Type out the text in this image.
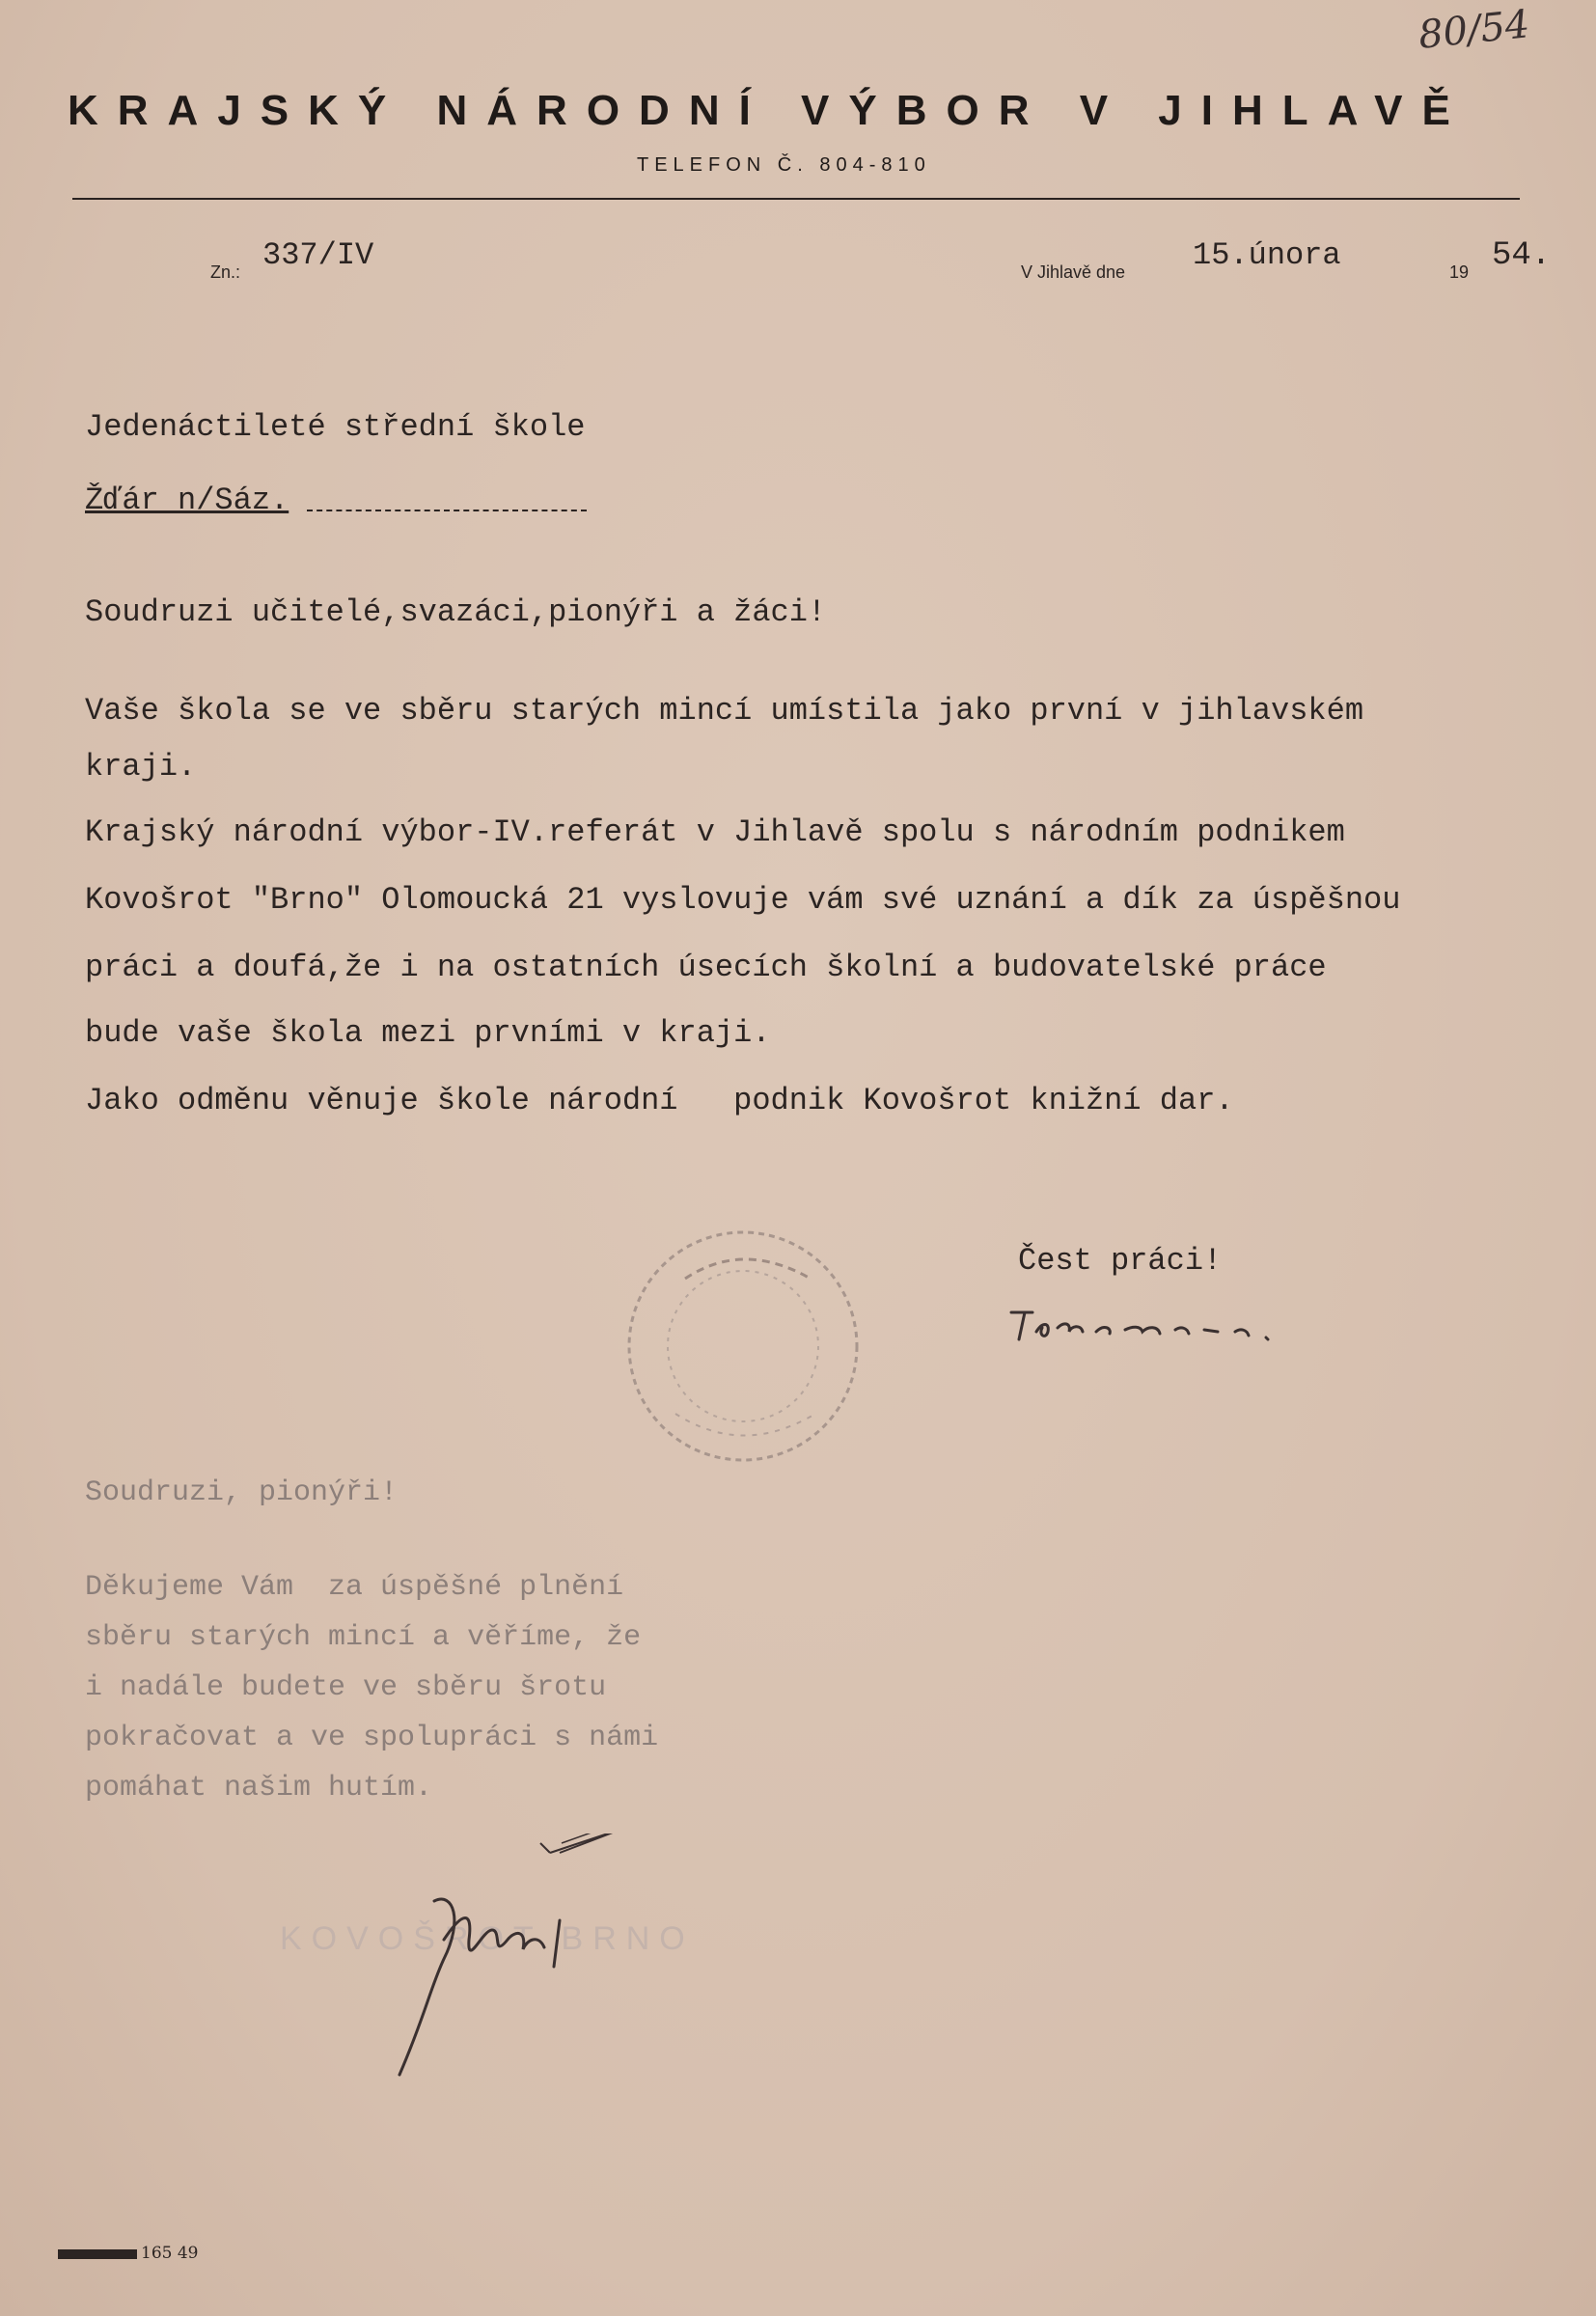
80/54
KRAJSKÝ NÁRODNÍ VÝBOR V JIHLAVĚ
TELEFON Č. 804-810
Zn.: 337/IV	V Jihlavě dne 15.února	19 54.
Jedenáctileté střední škole
Žďár n/Sáz.
Soudruzi učitelé,svazáci,pionýři a žáci!
Vaše škola se ve sběru starých mincí umístila jako první v jihlavském
kraji.
Krajský národní výbor-IV.referát v Jihlavě spolu s národním podnikem
Kovošrot "Brno" Olomoucká 21 vyslovuje vám své uznání a dík za úspěšnou
práci a doufá,že i na ostatních úsecích školní a budovatelské práce
bude vaše škola mezi prvními v kraji.
Jako odměnu věnuje škole národní   podnik Kovošrot knižní dar.
Čest práci!
Soudruzi, pionýři!
Děkujeme Vám  za úspěšné plnění
sběru starých mincí a věříme, že
i nadále budete ve sběru šrotu
pokračovat a ve spolupráci s námi
pomáhat našim hutím.
KOVOŠROT BRNO
165 49
